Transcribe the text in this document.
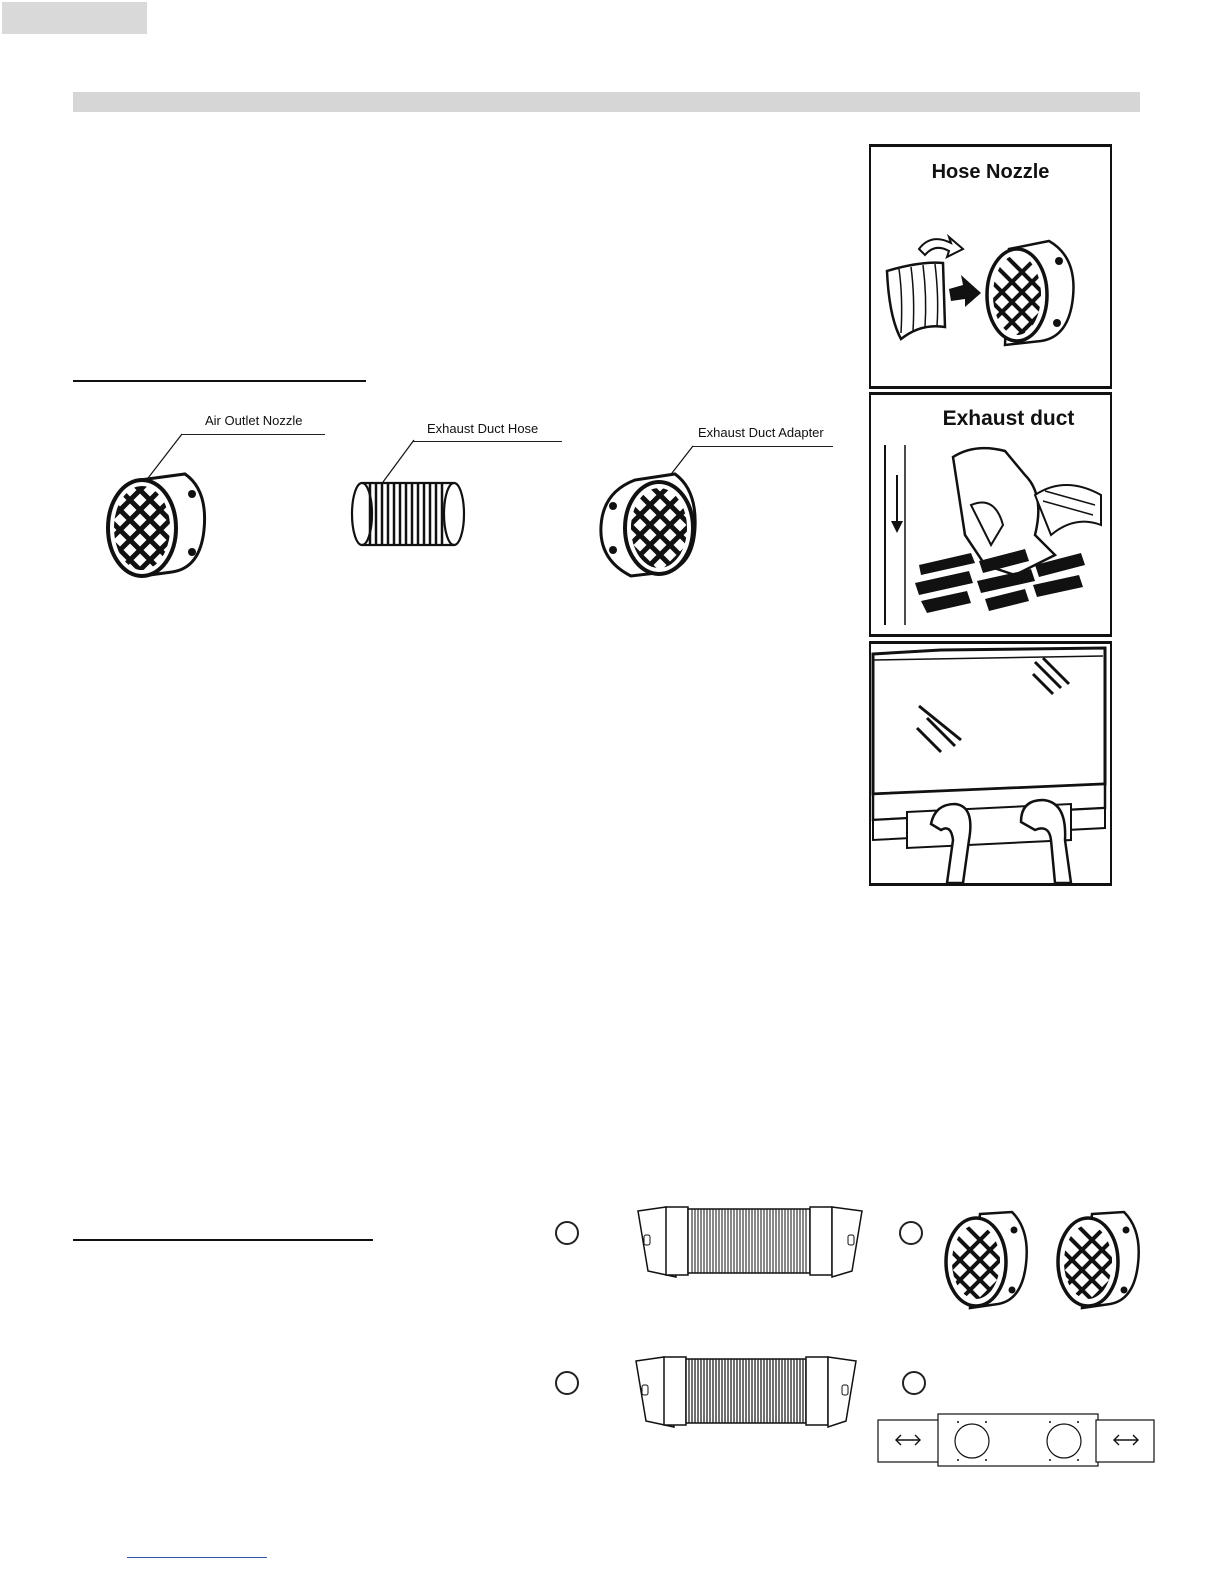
Air Outlet Nozzle
Exhaust Duct Hose	Exhaust Duct Adapter
Hose Nozzle
Exhaust duct
